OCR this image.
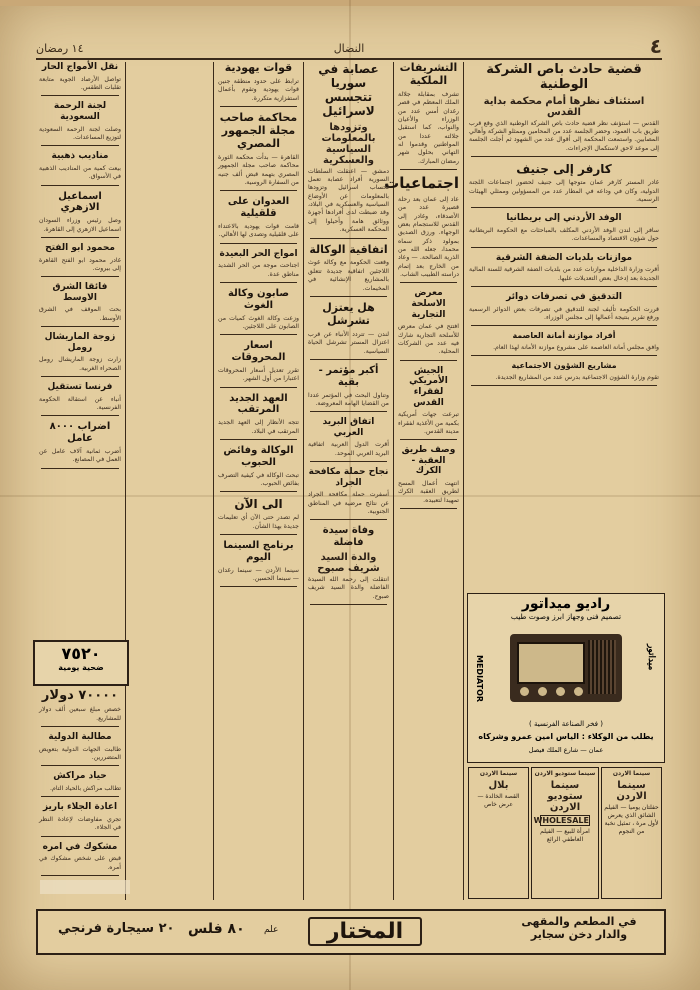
٤
النضال
١٤ رمضان
قضية حادث باص الشركة الوطنية
استئناف نظرها أمام محكمة بداية القدس
القدس — استؤنف نظر قضية حادث باص الشركة الوطنية الذي وقع قرب طريق باب العمود، وحضر الجلسة عدد من المحامين وممثلو الشركة وأهالي المصابين. واستمعت المحكمة إلى أقوال عدد من الشهود ثم أجلت الجلسة إلى موعد لاحق لاستكمال الإجراءات.
كارفر إلى جنيف
غادر المستر كارفر عمان متوجها إلى جنيف لحضور اجتماعات اللجنة الدولية، وكان في وداعه في المطار عدد من المسؤولين وممثلي الهيئات الرسمية.
الوفد الأردني إلى بريطانيا
سافر إلى لندن الوفد الأردني المكلف بالمباحثات مع الحكومة البريطانية حول شؤون الاقتصاد والمساعدات.
موازنات بلديات الضفة الشرقية
أقرت وزارة الداخلية موازنات عدد من بلديات الضفة الشرقية للسنة المالية الجديدة بعد إدخال بعض التعديلات عليها.
التدقيق في تصرفات دوائر
قررت الحكومة تأليف لجنة للتدقيق في تصرفات بعض الدوائر الرسمية ورفع تقرير بنتيجة أعمالها إلى مجلس الوزراء.
أفراد موازنة أمانة العاصمة
وافق مجلس أمانة العاصمة على مشروع موازنة الأمانة لهذا العام.
مشاريع الشؤون الاجتماعية
تقوم وزارة الشؤون الاجتماعية بدرس عدد من المشاريع الجديدة.
التشريفات الملكية
تشرف بمقابلة جلالة الملك المعظم في قصر رغدان أمس عدد من الوزراء والأعيان والنواب، كما استقبل جلالته عددا من المواطنين وقدموا له التهاني بحلول شهر رمضان المبارك.
اجتماعيات
عاد إلى عمان بعد رحلة قصيرة عدد من الأصدقاء، وغادر إلى القدس للاستجمام بعض الوجهاء. ورزق الصديق بمولود ذكر سماه محمدا، جعله الله من الذرية الصالحة. — وعاد من الخارج بعد إتمام دراسته الطبيب الشاب.
معرض الاسلحة التجارية
افتتح في عمان معرض للأسلحة التجارية شارك فيه عدد من الشركات المحلية.
الجيش الأمريكي لفقراء القدس
تبرعت جهات أمريكية بكمية من الأغذية لفقراء مدينة القدس.
وصف طريق العقبة - الكرك
انتهت أعمال المسح لطريق العقبة الكرك تمهيدا لتعبيده.
عصابة في سوريا تتجسس لاسرائيل
وتزودها بالمعلومات السياسية والعسكرية
دمشق — اعتقلت السلطات السورية أفراد عصابة تعمل لحساب اسرائيل وتزودها بالمعلومات عن الأوضاع السياسية والعسكرية في البلاد، وقد ضبطت لدى أفرادها أجهزة ووثائق هامة وأحيلوا إلى المحكمة العسكرية.
اتفاقية الوكالة
وقعت الحكومة مع وكالة غوث اللاجئين اتفاقية جديدة تتعلق بالمشاريع الإنشائية في المخيمات.
هل يعتزل تشرشل
لندن — تتردد الأنباء عن قرب اعتزال المستر تشرشل الحياة السياسية.
أكبر مؤتمر - بقية
وتناول البحث في المؤتمر عددا من القضايا الهامة المعروضة.
اتفاق البريد العربي
أقرت الدول العربية اتفاقية البريد العربي الموحد.
نجاح حملة مكافحة الجراد
أسفرت حملة مكافحة الجراد عن نتائج مرضية في المناطق الجنوبية.
وفاة سيدة فاضلة
والدة السيد شريف صبوح
انتقلت إلى رحمة الله السيدة الفاضلة والدة السيد شريف صبوح.
قوات يهودية
ترابط على حدود منطقة جنين قوات يهودية وتقوم بأعمال استفزازية متكررة.
محاكمة صاحب مجلة الجمهور المصري
القاهرة — بدأت محكمة الثورة محاكمة صاحب مجلة الجمهور المصري بتهمة قبض ألف جنيه من السفارة الروسية.
العدوان على قلقيلية
قامت قوات يهودية بالاعتداء على قلقيلية وتصدى لها الأهالي.
امواج الحر البعيدة
اجتاحت موجة من الحر الشديد مناطق عدة.
صابون وكالة الغوث
وزعت وكالة الغوث كميات من الصابون على اللاجئين.
اسعار المحروقات
تقرر تعديل أسعار المحروقات اعتبارا من أول الشهر.
العهد الجديد المرتقب
تتجه الأنظار إلى العهد الجديد المرتقب في البلاد.
الوكالة وفائض الحبوب
تبحث الوكالة في كيفية التصرف بفائض الحبوب.
الى الآن
لم تصدر حتى الآن أي تعليمات جديدة بهذا الشأن.
برنامج السينما اليوم
سينما الأردن — سينما رغدان — سينما الحسين.
نقل الأمواج الحار
تواصل الأرصاد الجوية متابعة تقلبات الطقس.
لجنة الرحمة السعودية
وصلت لجنة الرحمة السعودية لتوزيع المساعدات.
مناديب ذهبية
بيعت كمية من المناديب الذهبية في الأسواق.
اسماعيل الازهري
وصل رئيس وزراء السودان اسماعيل الازهري إلى القاهرة.
محمود ابو الفتح
غادر محمود ابو الفتح القاهرة إلى بيروت.
فائقا الشرق الاوسط
بحث الموقف في الشرق الأوسط.
زوجة الماريشال رومل
زارت زوجة الماريشال رومل الصحراء الغربية.
فرنسا تستقيل
أنباء عن استقالة الحكومة الفرنسية.
اضراب ٨٠٠٠ عامل
أضرب ثمانية آلاف عامل عن العمل في المصانع.
٧٠٠٠٠ دولار
خصص مبلغ سبعين ألف دولار للمشاريع.
مطالبة الدولية
طالبت الجهات الدولية بتعويض المتضررين.
حياد مراكش
تطالب مراكش بالحياد التام.
اعادة الجلاء باريز
تجري مفاوضات لإعادة النظر في الجلاء.
مشكوك في امره
قبض على شخص مشكوك في أمره.
٧٥٢٠
ضحية يومية
راديو ميداتور
تصميم فنى وجهاز ابرز وصوت طيب
MEDIATOR	ميداتور
( فخر الصناعة الفرنسية )
يطلب من الوكلاء : الياس امين عمرو وشركاه
عمان — شارع الملك فيصل
سينما الاردن
سينما الاردن
حفلتان يوميا — الفيلم الشائق الذي يعرض لأول مرة ، تمثيل نخبة من النجوم
سينما ستوديو الاردن
سينما ستوديو الاردن
WHOLESALE
امرأة للبيع — الفيلم العاطفي الرائع
سينما الاردن
بلال
القصة الخالدة — عرض خاص
في المطعم والمقهى والدار دخن سجاير
المختار
علم
٨٠ فلس
٢٠ سيجارة فرنجي
